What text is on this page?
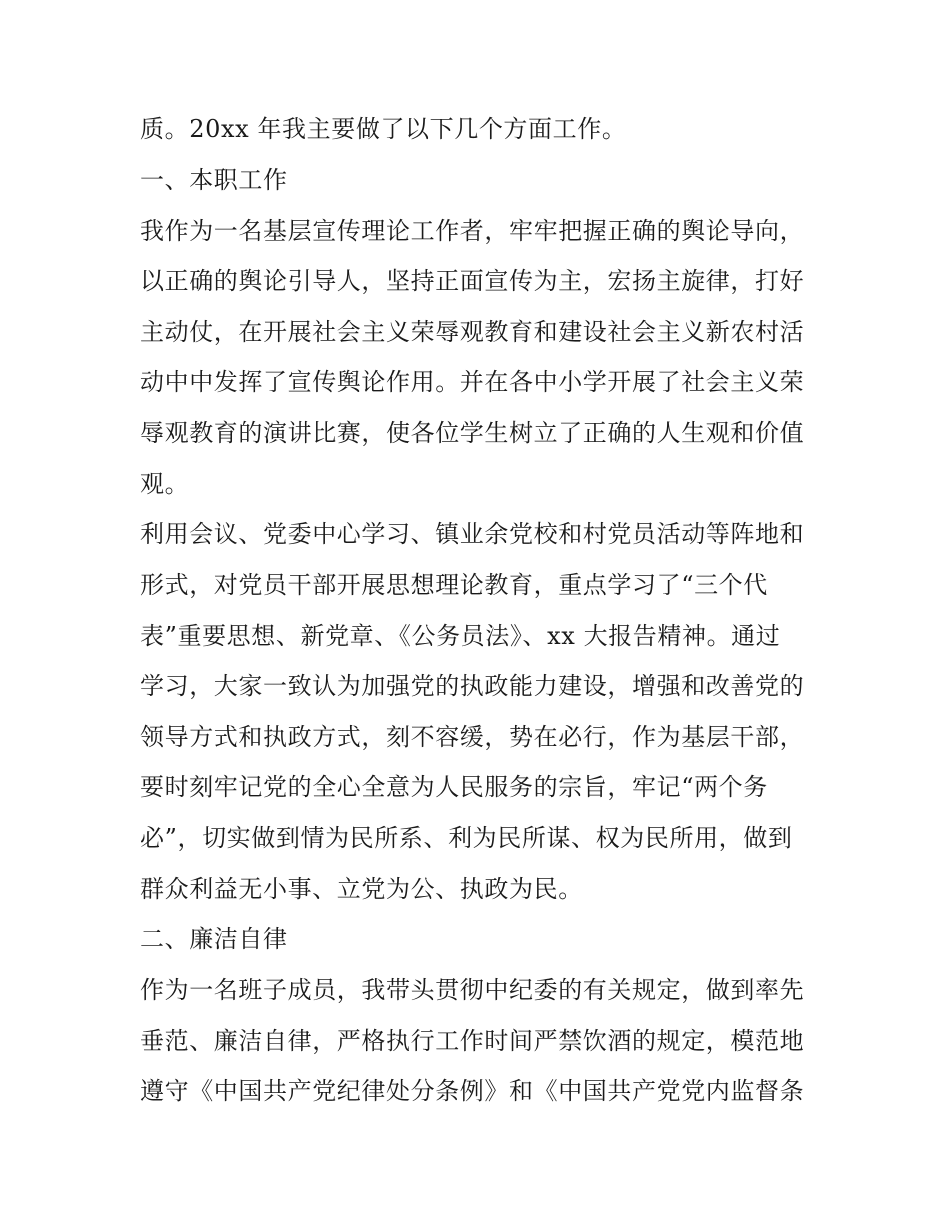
质。20xx 年我主要做了以下几个方面工作。
一、本职工作
我作为一名基层宣传理论工作者，牢牢把握正确的舆论导向，
以正确的舆论引导人，坚持正面宣传为主，宏扬主旋律，打好
主动仗，在开展社会主义荣辱观教育和建设社会主义新农村活
动中中发挥了宣传舆论作用。并在各中小学开展了社会主义荣
辱观教育的演讲比赛，使各位学生树立了正确的人生观和价值
观。
利用会议、党委中心学习、镇业余党校和村党员活动等阵地和
形式，对党员干部开展思想理论教育，重点学习了“三个代
表”重要思想、新党章、《公务员法》、xx 大报告精神。通过
学习，大家一致认为加强党的执政能力建设，增强和改善党的
领导方式和执政方式，刻不容缓，势在必行，作为基层干部，
要时刻牢记党的全心全意为人民服务的宗旨，牢记“两个务
必”，切实做到情为民所系、利为民所谋、权为民所用，做到
群众利益无小事、立党为公、执政为民。
二、廉洁自律
作为一名班子成员，我带头贯彻中纪委的有关规定，做到率先
垂范、廉洁自律，严格执行工作时间严禁饮酒的规定，模范地
遵守《中国共产党纪律处分条例》和《中国共产党党内监督条
